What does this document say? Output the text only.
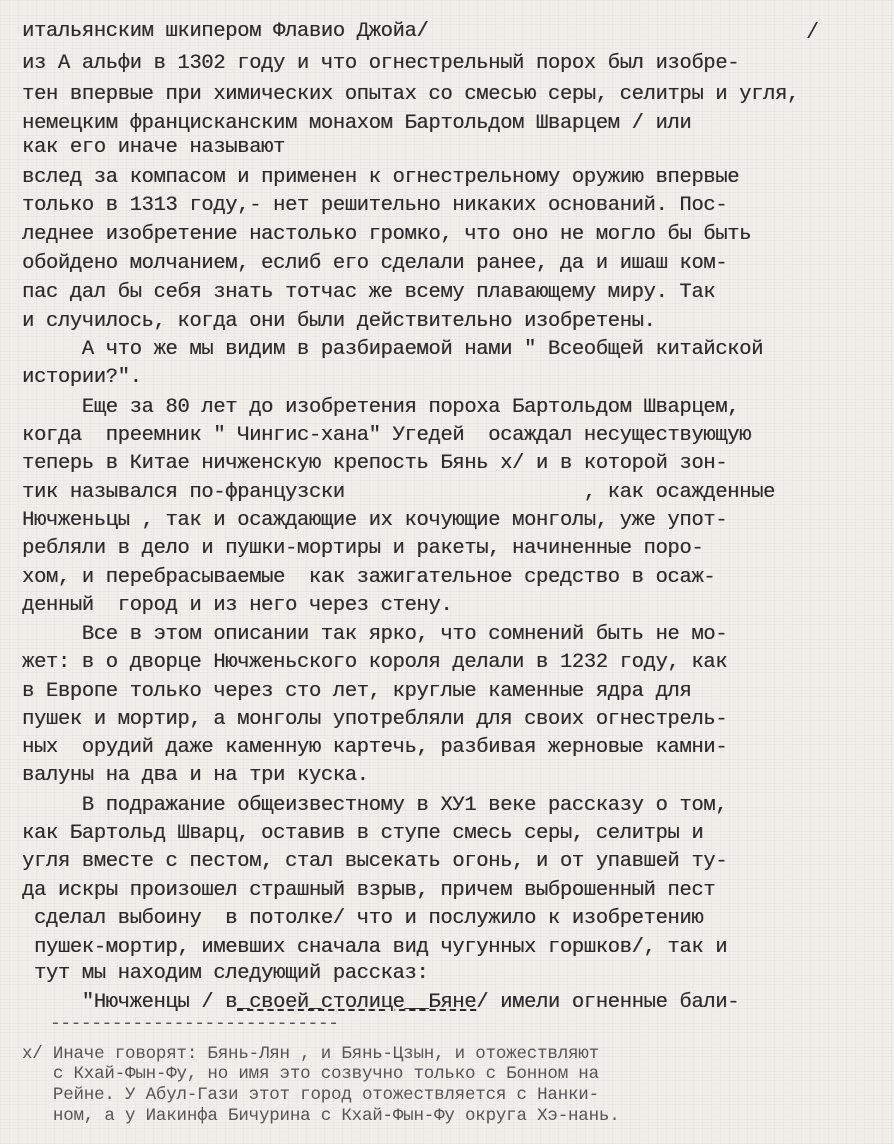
/
итальянским шкипером Флавио Джойа/
из А альфи в 1302 году и что огнестрельный порох был изобре-
тен впервые при химических опытах со смесью серы, селитры и угля,
немецким францисканским монахом Бартольдом Шварцем / или
как его иначе называют
вслед за компасом и применен к огнестрельному оружию впервые
только в 1313 году,- нет решительно никаких оснований. Пос-
леднее изобретение настолько громко, что оно не могло бы быть
обойдено молчанием, еслиб его сделали ранее, да и ишаш ком-
пас дал бы себя знать тотчас же всему плавающему миру. Так
и случилось, когда они были действительно изобретены.
А что же мы видим в разбираемой нами " Всеобщей китайской
истории?".
Еще за 80 лет до изобретения пороха Бартольдом Шварцем,
когда  преемник " Чингис-хана" Угедей  осаждал несуществующую
теперь в Китае ничженскую крепость Бянь х/ и в которой зон-
тик назывался по-французски                    , как осажденные
Нючженьцы , так и осаждающие их кочующие монголы, уже упот-
ребляли в дело и пушки-мортиры и ракеты, начиненные поро-
хом, и перебрасываемые  как зажигательное средство в осаж-
денный  город и из него через стену.
Все в этом описании так ярко, что сомнений быть не мо-
жет: в о дворце Нючженьского короля делали в 1232 году, как
в Европе только через сто лет, круглые каменные ядра для
пушек и мортир, а монголы употребляли для своих огнестрель-
ных  орудий даже каменную картечь, разбивая жерновые камни-
валуны на два и на три куска.
В подражание общеизвестному в ХУ1 веке рассказу о том,
как Бартольд Шварц, оставив в ступе смесь серы, селитры и
угля вместе с пестом, стал высекать огонь, и от упавшей ту-
да искры произошел страшный взрыв, причем выброшенный пест
сделал выбоину  в потолке/ что и послужило к изобретению
пушек-мортир, имевших сначала вид чугунных горшков/, так и
тут мы находим следующий рассказ:
"Нючженцы / в_своей_столице__Бяне/ имели огненные бали-
----------------------------
х/ Иначе говорят: Бянь-Лян , и Бянь-Цзын, и отожествляют
с Кхай-Фын-Фу, но имя это созвучно только с Бонном на
Рейне. У Абул-Гази этот город отожествляется с Нанки-
ном, а у Иакинфа Бичурина с Кхай-Фын-Фу округа Хэ-нань.
